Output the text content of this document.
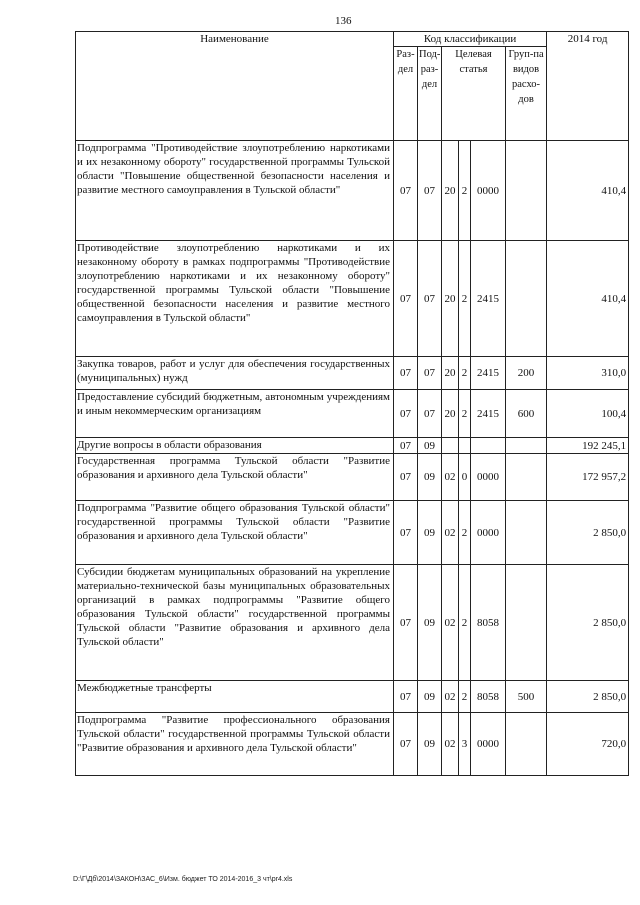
136
Наименование	Код классификации						2014 год
	Раз-дел	Под-раз-дел	Целевая статья			Груп-па видов расхо-дов	
Подпрограмма "Противодействие злоупотреблению наркотиками и их незаконному обороту" государственной программы Тульской области "Повышение общественной безопасности населения и развитие местного самоуправления в Тульской области"	07	07	20	2	0000		410,4
Противодействие злоупотреблению наркотиками и их незаконному обороту в рамках подпрограммы "Противодействие злоупотреблению наркотиками и их незаконному обороту" государственной программы Тульской области "Повышение общественной безопасности населения и развитие местного самоуправления в Тульской области"	07	07	20	2	2415		410,4
Закупка товаров, работ и услуг для обеспечения государственных (муниципальных) нужд	07	07	20	2	2415	200	310,0
Предоставление субсидий бюджетным, автономным учреждениям и иным некоммерческим организациям	07	07	20	2	2415	600	100,4
Другие вопросы в области образования	07	09					192 245,1
Государственная программа Тульской области "Развитие образования и архивного дела Тульской области"	07	09	02	0	0000		172 957,2
Подпрограмма "Развитие общего образования Тульской области" государственной программы Тульской области "Развитие образования и архивного дела Тульской области"	07	09	02	2	0000		2 850,0
Субсидии бюджетам муниципальных образований на укрепление материально-технической базы муниципальных образовательных организаций в рамках подпрограммы "Развитие общего образования Тульской области" государственной программы Тульской области "Развитие образования и архивного дела Тульской области"	07	09	02	2	8058		2 850,0
Межбюджетные трансферты	07	09	02	2	8058	500	2 850,0
Подпрограмма "Развитие профессионального образования Тульской области" государственной программы Тульской области "Развитие образования и архивного дела Тульской области"	07	09	02	3	0000		720,0
D:\Г\Дб\2014\ЗАКОН\ЗАС_6\Изм. бюджет ТО 2014-2016_3 чт\pr4.xls
